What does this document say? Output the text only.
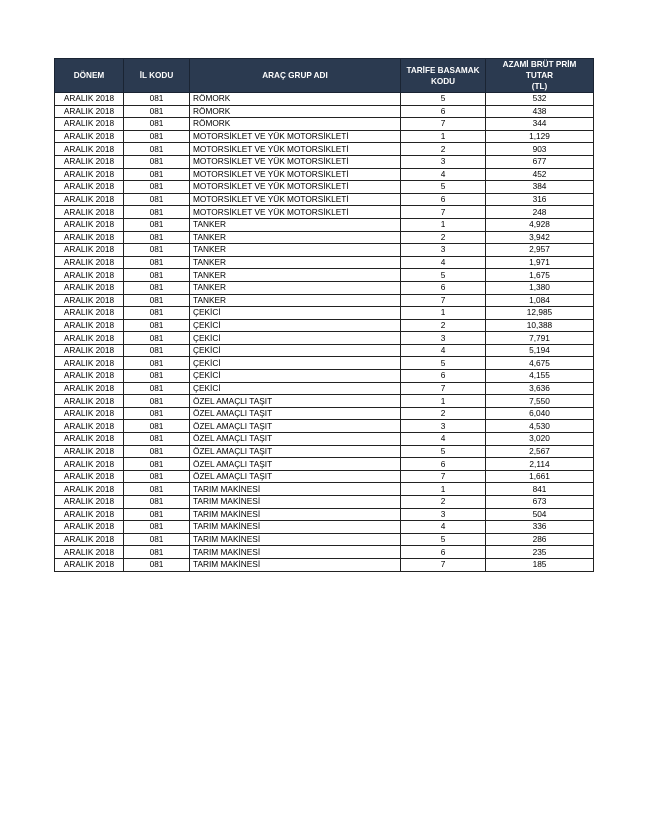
DÖNEM	İL KODU	ARAÇ GRUP ADI	TARİFE BASAMAK
KODU	AZAMİ BRÜT PRİM TUTAR
(TL)
ARALIK 2018	081	RÖMORK	5	532
ARALIK 2018	081	RÖMORK	6	438
ARALIK 2018	081	RÖMORK	7	344
ARALIK 2018	081	MOTORSİKLET VE YÜK MOTORSİKLETİ	1	1,129
ARALIK 2018	081	MOTORSİKLET VE YÜK MOTORSİKLETİ	2	903
ARALIK 2018	081	MOTORSİKLET VE YÜK MOTORSİKLETİ	3	677
ARALIK 2018	081	MOTORSİKLET VE YÜK MOTORSİKLETİ	4	452
ARALIK 2018	081	MOTORSİKLET VE YÜK MOTORSİKLETİ	5	384
ARALIK 2018	081	MOTORSİKLET VE YÜK MOTORSİKLETİ	6	316
ARALIK 2018	081	MOTORSİKLET VE YÜK MOTORSİKLETİ	7	248
ARALIK 2018	081	TANKER	1	4,928
ARALIK 2018	081	TANKER	2	3,942
ARALIK 2018	081	TANKER	3	2,957
ARALIK 2018	081	TANKER	4	1,971
ARALIK 2018	081	TANKER	5	1,675
ARALIK 2018	081	TANKER	6	1,380
ARALIK 2018	081	TANKER	7	1,084
ARALIK 2018	081	ÇEKİCİ	1	12,985
ARALIK 2018	081	ÇEKİCİ	2	10,388
ARALIK 2018	081	ÇEKİCİ	3	7,791
ARALIK 2018	081	ÇEKİCİ	4	5,194
ARALIK 2018	081	ÇEKİCİ	5	4,675
ARALIK 2018	081	ÇEKİCİ	6	4,155
ARALIK 2018	081	ÇEKİCİ	7	3,636
ARALIK 2018	081	ÖZEL AMAÇLI TAŞIT	1	7,550
ARALIK 2018	081	ÖZEL AMAÇLI TAŞIT	2	6,040
ARALIK 2018	081	ÖZEL AMAÇLI TAŞIT	3	4,530
ARALIK 2018	081	ÖZEL AMAÇLI TAŞIT	4	3,020
ARALIK 2018	081	ÖZEL AMAÇLI TAŞIT	5	2,567
ARALIK 2018	081	ÖZEL AMAÇLI TAŞIT	6	2,114
ARALIK 2018	081	ÖZEL AMAÇLI TAŞIT	7	1,661
ARALIK 2018	081	TARIM MAKİNESİ	1	841
ARALIK 2018	081	TARIM MAKİNESİ	2	673
ARALIK 2018	081	TARIM MAKİNESİ	3	504
ARALIK 2018	081	TARIM MAKİNESİ	4	336
ARALIK 2018	081	TARIM MAKİNESİ	5	286
ARALIK 2018	081	TARIM MAKİNESİ	6	235
ARALIK 2018	081	TARIM MAKİNESİ	7	185
